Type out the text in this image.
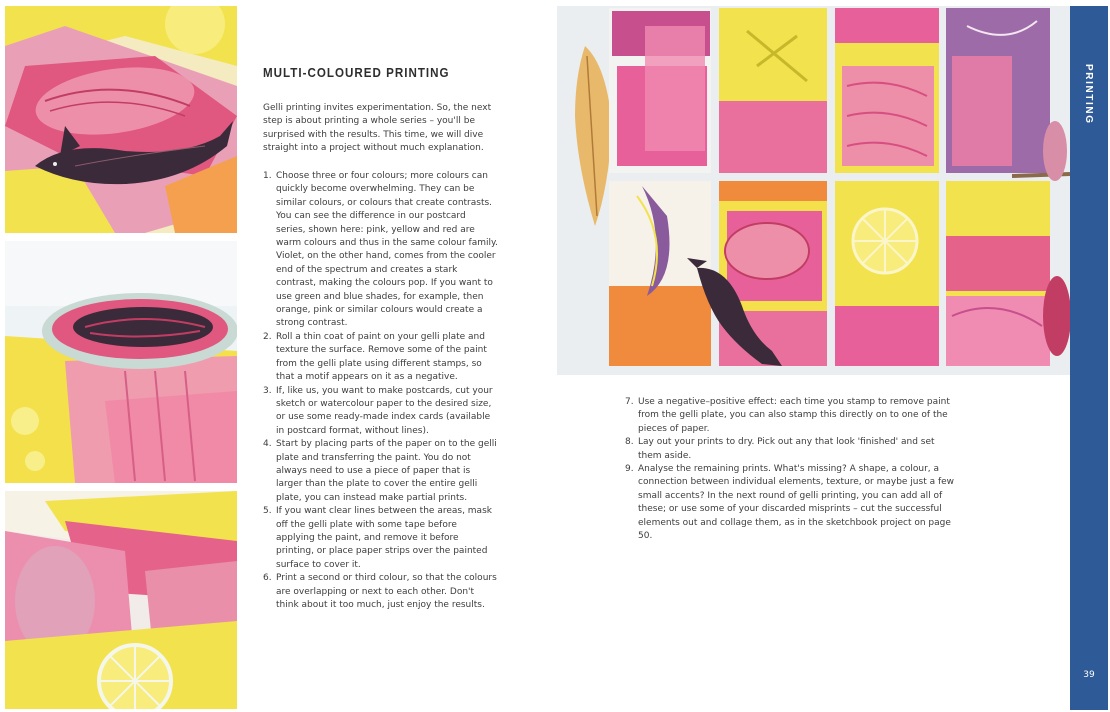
MULTI-COLOURED PRINTING

Gelli printing invites experimentation. So, the next step is about printing a whole series – you'll be surprised with the results. This time, we will dive straight into a project without much explanation.

1. Choose three or four colours; more colours can quickly become overwhelming. They can be similar colours, or colours that create contrasts. You can see the difference in our postcard series, shown here: pink, yellow and red are warm colours and thus in the same colour family. Violet, on the other hand, comes from the cooler end of the spectrum and creates a stark contrast, making the colours pop. If you want to use green and blue shades, for example, then orange, pink or similar colours would create a strong contrast.
2. Roll a thin coat of paint on your gelli plate and texture the surface. Remove some of the paint from the gelli plate using different stamps, so that a motif appears on it as a negative.
3. If, like us, you want to make postcards, cut your sketch or watercolour paper to the desired size, or use some ready-made index cards (available in postcard format, without lines).
4. Start by placing parts of the paper on to the gelli plate and transferring the paint. You do not always need to use a piece of paper that is larger than the plate to cover the entire gelli plate, you can instead make partial prints.
5. If you want clear lines between the areas, mask off the gelli plate with some tape before applying the paint, and remove it before printing, or place paper strips over the painted surface to cover it.
6. Print a second or third colour, so that the colours are overlapping or next to each other. Don't think about it too much, just enjoy the results.
7. Use a negative–positive effect: each time you stamp to remove paint from the gelli plate, you can also stamp this directly on to one of the pieces of paper.
8. Lay out your prints to dry. Pick out any that look 'finished' and set them aside.
9. Analyse the remaining prints. What's missing? A shape, a colour, a connection between individual elements, texture, or maybe just a few small accents? In the next round of gelli printing, you can add all of these; or use some of your discarded misprints – cut the successful elements out and collage them, as in the sketchbook project on page 50.
PRINTING
39
